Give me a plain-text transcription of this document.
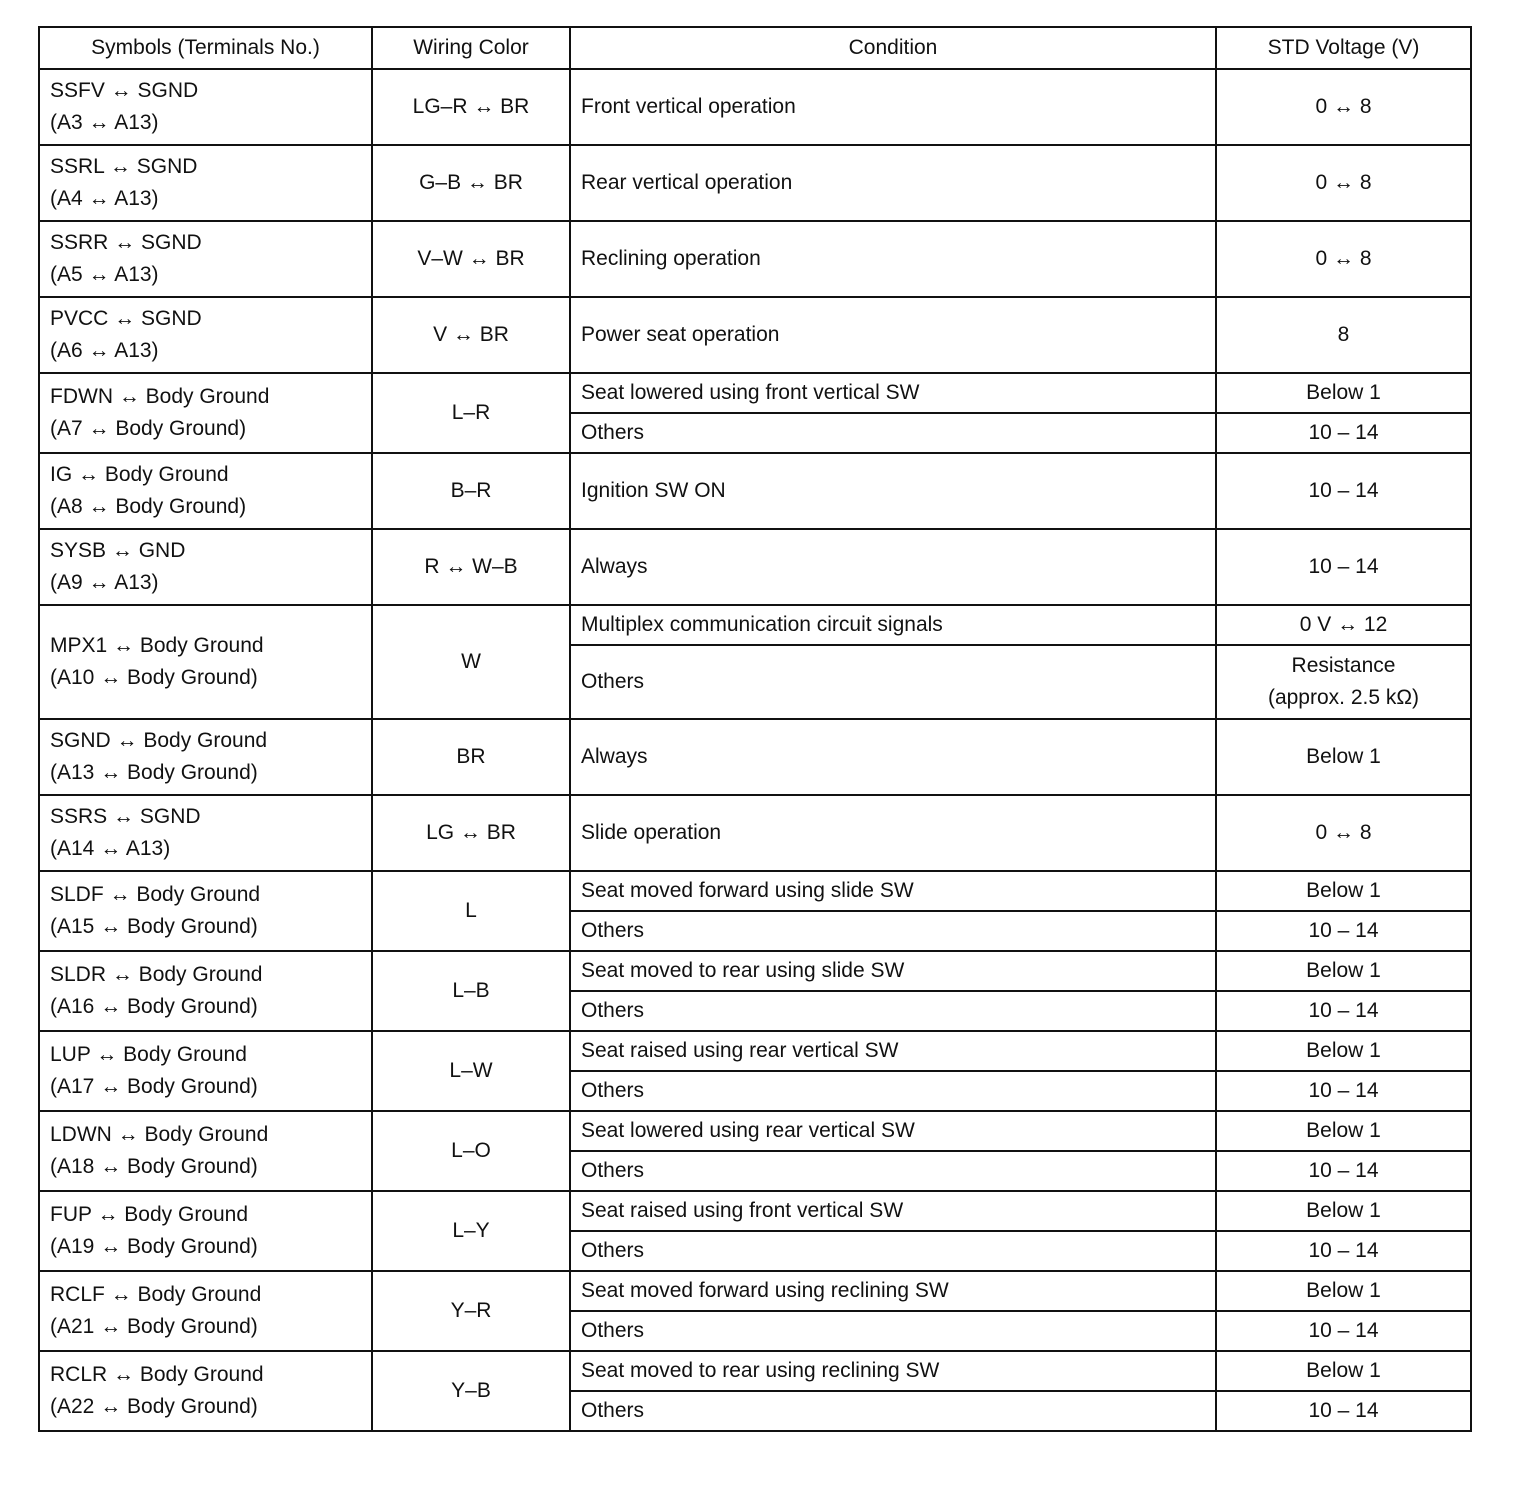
Symbols (Terminals No.)	Wiring Color	Condition	STD Voltage (V)

SSFV ↔ SGND
(A3 ↔ A13)	LG–R ↔ BR	Front vertical operation	0 ↔ 8

SSRL ↔ SGND
(A4 ↔ A13)	G–B ↔ BR	Rear vertical operation	0 ↔ 8

SSRR ↔ SGND
(A5 ↔ A13)	V–W ↔ BR	Reclining operation	0 ↔ 8

PVCC ↔ SGND
(A6 ↔ A13)	V ↔ BR	Power seat operation	8

FDWN ↔ Body Ground
(A7 ↔ Body Ground)	L–R	Seat lowered using front vertical SW	Below 1
		Others	10 – 14

IG ↔ Body Ground
(A8 ↔ Body Ground)	B–R	Ignition SW ON	10 – 14

SYSB ↔ GND
(A9 ↔ A13)	R ↔ W–B	Always	10 – 14

MPX1 ↔ Body Ground
(A10 ↔ Body Ground)	W	Multiplex communication circuit signals	0 V ↔ 12
		Others	Resistance
(approx. 2.5 kΩ)

SGND ↔ Body Ground
(A13 ↔ Body Ground)	BR	Always	Below 1

SSRS ↔ SGND
(A14 ↔ A13)	LG ↔ BR	Slide operation	0 ↔ 8

SLDF ↔ Body Ground
(A15 ↔ Body Ground)	L	Seat moved forward using slide SW	Below 1
		Others	10 – 14

SLDR ↔ Body Ground
(A16 ↔ Body Ground)	L–B	Seat moved to rear using slide SW	Below 1
		Others	10 – 14

LUP ↔ Body Ground
(A17 ↔ Body Ground)	L–W	Seat raised using rear vertical SW	Below 1
		Others	10 – 14

LDWN ↔ Body Ground
(A18 ↔ Body Ground)	L–O	Seat lowered using rear vertical SW	Below 1
		Others	10 – 14

FUP ↔ Body Ground
(A19 ↔ Body Ground)	L–Y	Seat raised using front vertical SW	Below 1
		Others	10 – 14

RCLF ↔ Body Ground
(A21 ↔ Body Ground)	Y–R	Seat moved forward using reclining SW	Below 1
		Others	10 – 14

RCLR ↔ Body Ground
(A22 ↔ Body Ground)	Y–B	Seat moved to rear using reclining SW	Below 1
		Others	10 – 14
